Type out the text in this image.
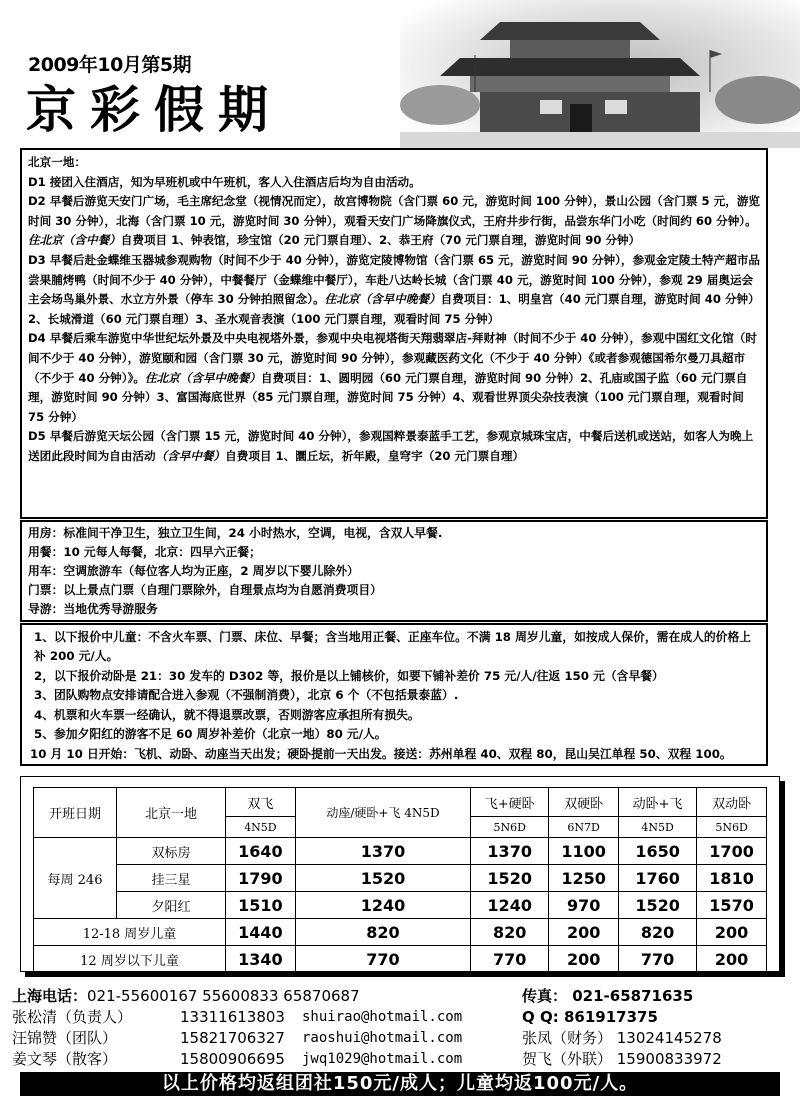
2009年10月第5期
京彩假期

北京一地：

D1 接团入住酒店，知为早班机或中午班机，客人入住酒店后均为自由活动。

D2 早餐后游览天安门广场，毛主席纪念堂（视情况而定），故宫博物院（含门票 60 元，游览时间 100 分钟），景山公园（含门票 5 元，游览时间 30 分钟），北海（含门票 10 元，游览时间 30 分钟），观看天安门广场降旗仪式，王府井步行街，品尝东华门小吃（时间约 60 分钟）。住北京（含中餐）自费项目 1、钟表馆，珍宝馆（20 元门票自理）、2、恭王府（70 元门票自理，游览时间 90 分钟）

D3 早餐后赴金蝶维玉器城参观购物（时间不少于 40 分钟），游览定陵博物馆（含门票 65 元，游览时间 90 分钟），参观金定陵土特产超市品尝果脯烤鸭（时间不少于 40 分钟），中餐餐厅（金蝶维中餐厅），车赴八达岭长城（含门票 40 元，游览时间 100 分钟），参观 29 届奥运会主会场鸟巢外景、水立方外景（停车 30 分钟拍照留念）。住北京（含早中晚餐）自费项目：1、明皇宫（40 元门票自理，游览时间 40 分钟）2、长城滑道（60 元门票自理）3、圣水观音表演（100 元门票自理，观看时间 75 分钟）

D4 早餐后乘车游览中华世纪坛外景及中央电视塔外景，参观中央电视塔街天翔翡翠店-拜财神（时间不少于 40 分钟），参观中国红文化馆（时间不少于 40 分钟），游览颐和园（含门票 30 元，游览时间 90 分钟），参观藏医药文化（不少于 40 分钟）《或者参观德国希尔曼刀具超市（不少于 40 分钟）》。住北京（含早中晚餐）自费项目：1、圆明园（60 元门票自理，游览时间 90 分钟）2、孔庙或国子监（60 元门票自理，游览时间 90 分钟）3、富国海底世界（85 元门票自理，游览时间 75 分钟）4、观看世界顶尖杂技表演（100 元门票自理，观看时间 75 分钟）

D5 早餐后游览天坛公园（含门票 15 元，游览时间 40 分钟），参观国粹景泰蓝手工艺，参观京城珠宝店，中餐后送机或送站，如客人为晚上送团此段时间为自由活动（含早中餐）自费项目 1、圜丘坛，祈年殿，皇穹宇（20 元门票自理）

用房：标准间干净卫生，独立卫生间，24 小时热水，空调，电视，含双人早餐.

用餐：10 元每人每餐，北京：四早六正餐；

用车：空调旅游车（每位客人均为正座，2 周岁以下婴儿除外）

门票：以上景点门票（自理门票除外，自理景点均为自愿消费项目）

导游：当地优秀导游服务

1、以下报价中儿童：不含火车票、门票、床位、早餐；含当地用正餐、正座车位。不满 18 周岁儿童，如按成人保价，需在成人的价格上补 200 元/人。

2，以下报价动卧是 21：30 发车的 D302 等，报价是以上铺核价，如要下铺补差价 75 元/人/往返 150 元（含早餐）

3、团队购物点安排请配合进入参观（不强制消费），北京 6 个（不包括景泰蓝）.

4、机票和火车票一经确认，就不得退票改票，否则游客应承担所有损失。

5、参加夕阳红的游客不足 60 周岁补差价（北京一地）80 元/人。

10 月 10 日开始：飞机、动卧、动座当天出发；硬卧提前一天出发。接送：苏州单程 40、双程 80，昆山吴江单程 50、双程 100。

开班日期	北京一地	双飞	动座/硬卧+飞 4N5D	飞+硬卧	双硬卧	动卧+飞	双动卧
		4N5D		5N6D	6N7D	4N5D	5N6D
每周 246	双标房	1640	1370	1370	1100	1650	1700
	挂三星	1790	1520	1520	1250	1760	1810
	夕阳红	1510	1240	1240	970	1520	1570
12-18 周岁儿童		1440	820	820	200	820	200
12 周岁以下儿童		1340	770	770	200	770	200
上海电话：021-55600167 55600833 65870687	传真： 021-65871635
张松清（负责人）	13311613803 shuirao@hotmail.com	Q Q: 861917375
汪锦赞（团队）	15821706327 raoshui@hotmail.com	张凤（财务） 13024145278
姜文琴（散客）	15800906695 jwq1029@hotmail.com	贺飞（外联） 15900833972
以上价格均返组团社150元/成人；儿童均返100元/人。
